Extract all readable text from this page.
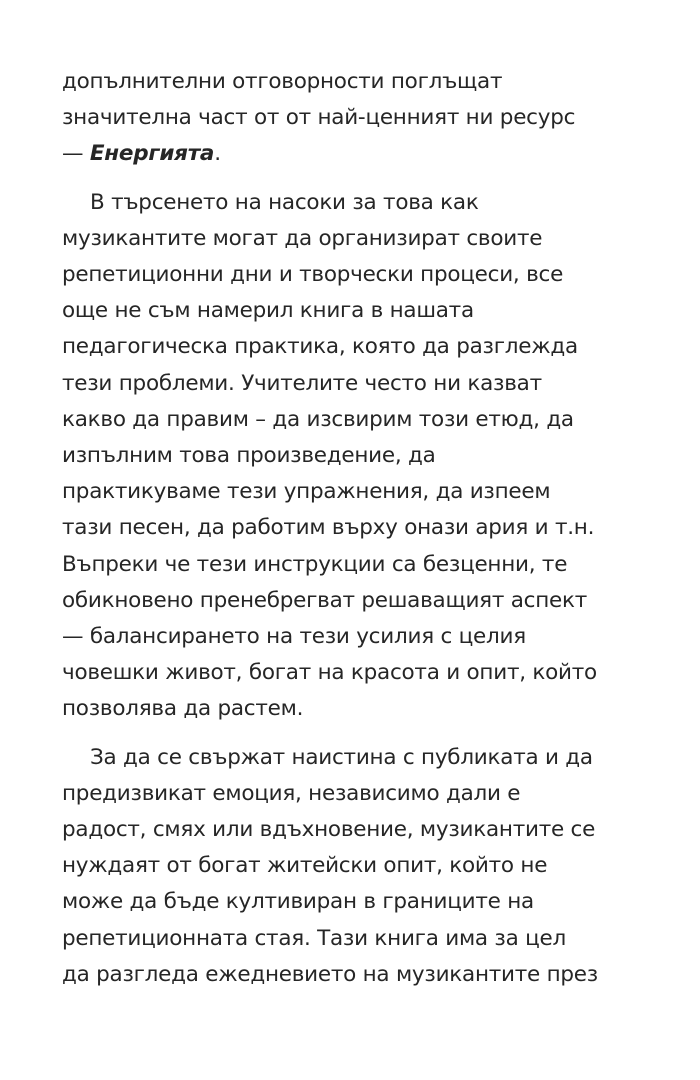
допълнителни отговорности поглъщат
значителна част от от най-ценният ни ресурс
— Енергията.

В търсенето на насоки за това как
музикантите могат да организират своите
репетиционни дни и творчески процеси, все
още не съм намерил книга в нашата
педагогическа практика, която да разглежда
тези проблеми. Учителите често ни казват
какво да правим – да изсвирим този етюд, да
изпълним това произведение, да
практикуваме тези упражнения, да изпеем
тази песен, да работим върху онази ария и т.н.
Въпреки че тези инструкции са безценни, те
обикновено пренебрегват решаващият аспект
— балансирането на тези усилия с целия
човешки живот, богат на красота и опит, който
позволява да растем.

За да се свържат наистина с публиката и да
предизвикат емоция, независимо дали е
радост, смях или вдъхновение, музикантите се
нуждаят от богат житейски опит, който не
може да бъде култивиран в границите на
репетиционната стая. Тази книга има за цел
да разгледа ежедневието на музикантите през
